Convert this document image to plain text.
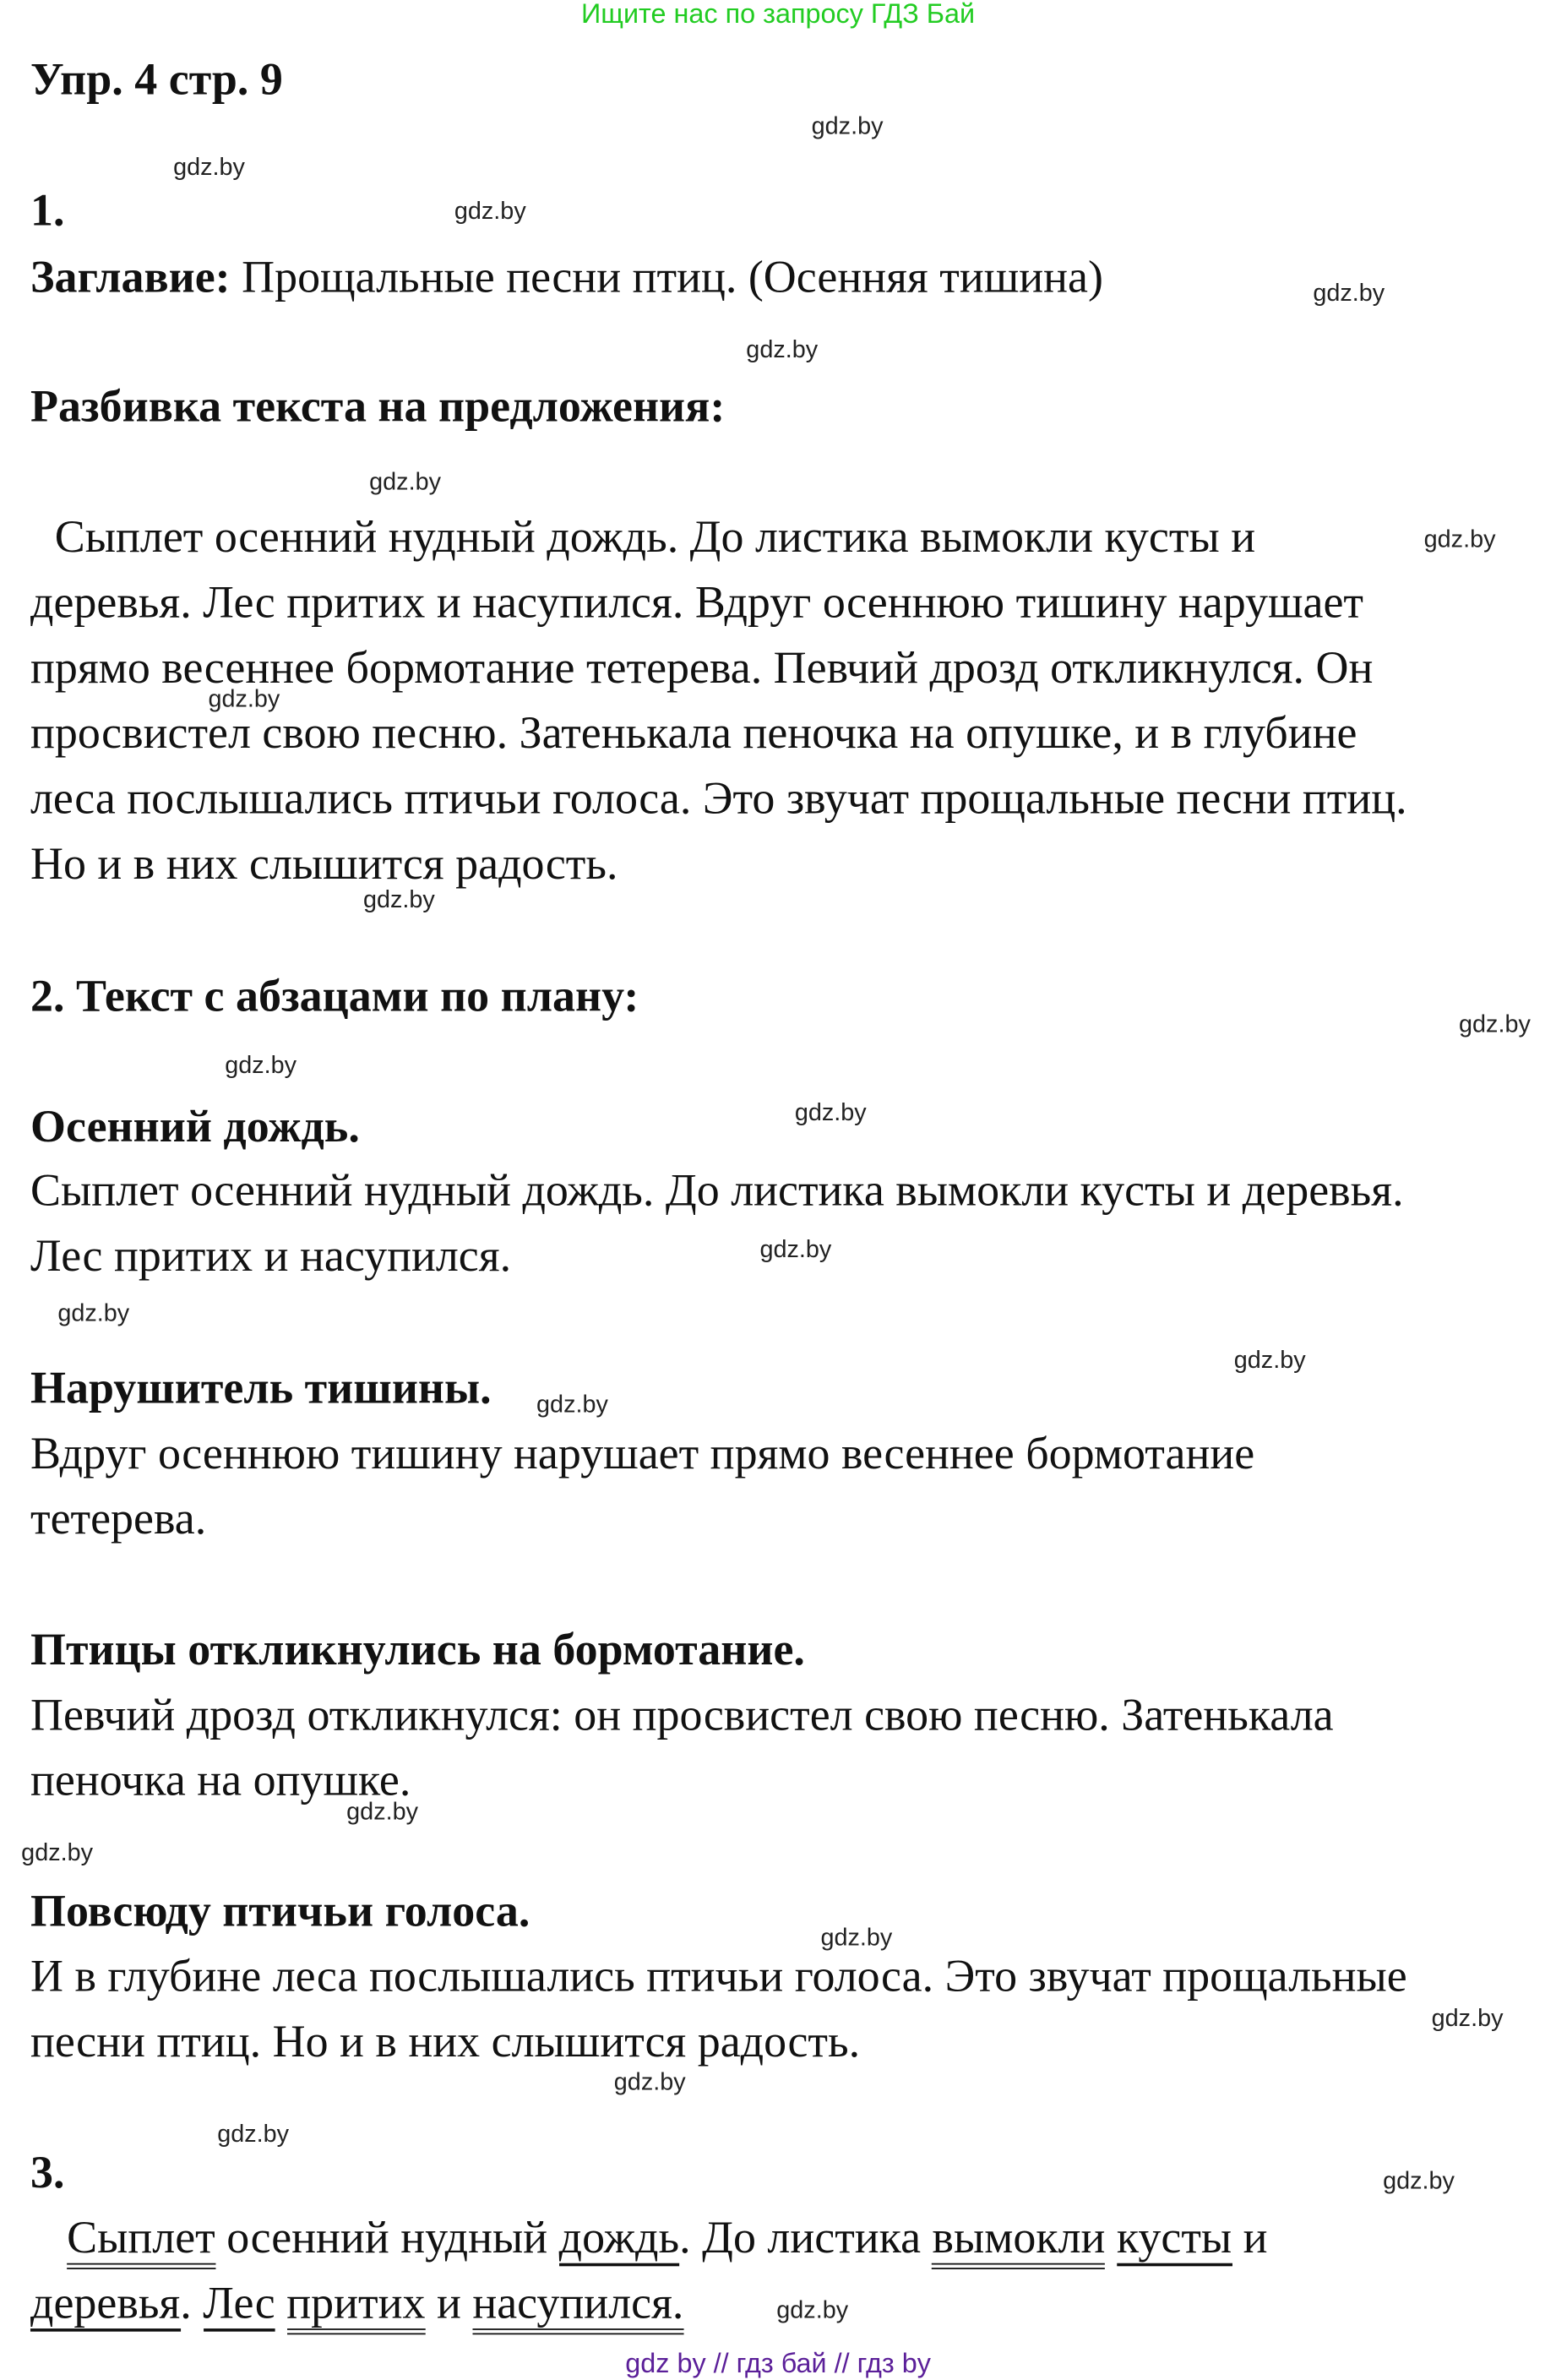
Ищите нас по запросу ГДЗ Бай
Упр. 4 стр. 9
1.
Заглавие: Прощальные песни птиц. (Осенняя тишина)
Разбивка текста на предложения:
Сыплет осенний нудный дождь. До листика вымокли кусты и
деревья. Лес притих и насупился. Вдруг осеннюю тишину нарушает
прямо весеннее бормотание тетерева. Певчий дрозд откликнулся. Он
просвистел свою песню. Затенькала пеночка на опушке, и в глубине
леса послышались птичьи голоса. Это звучат прощальные песни птиц.
Но и в них слышится радость.
2. Текст с абзацами по плану:
Осенний дождь.
Сыплет осенний нудный дождь. До листика вымокли кусты и деревья.
Лес притих и насупился.
Нарушитель тишины.
Вдруг осеннюю тишину нарушает прямо весеннее бормотание
тетерева.
Птицы откликнулись на бормотание.
Певчий дрозд откликнулся: он просвистел свою песню. Затенькала
пеночка на опушке.
Повсюду птичьи голоса.
И в глубине леса послышались птичьи голоса. Это звучат прощальные
песни птиц. Но и в них слышится радость.
3.
Сыплет осенний нудный дождь. До листика вымокли кусты и
деревья. Лес притих и насупился.
gdz.by
gdz.by
gdz.by
gdz.by
gdz.by
gdz.by
gdz.by
gdz.by
gdz.by
gdz.by
gdz.by
gdz.by
gdz.by
gdz.by
gdz.by
gdz.by
gdz.by
gdz.by
gdz.by
gdz.by
gdz.by
gdz.by
gdz.by
gdz.by
gdz by // гдз бай // гдз by
